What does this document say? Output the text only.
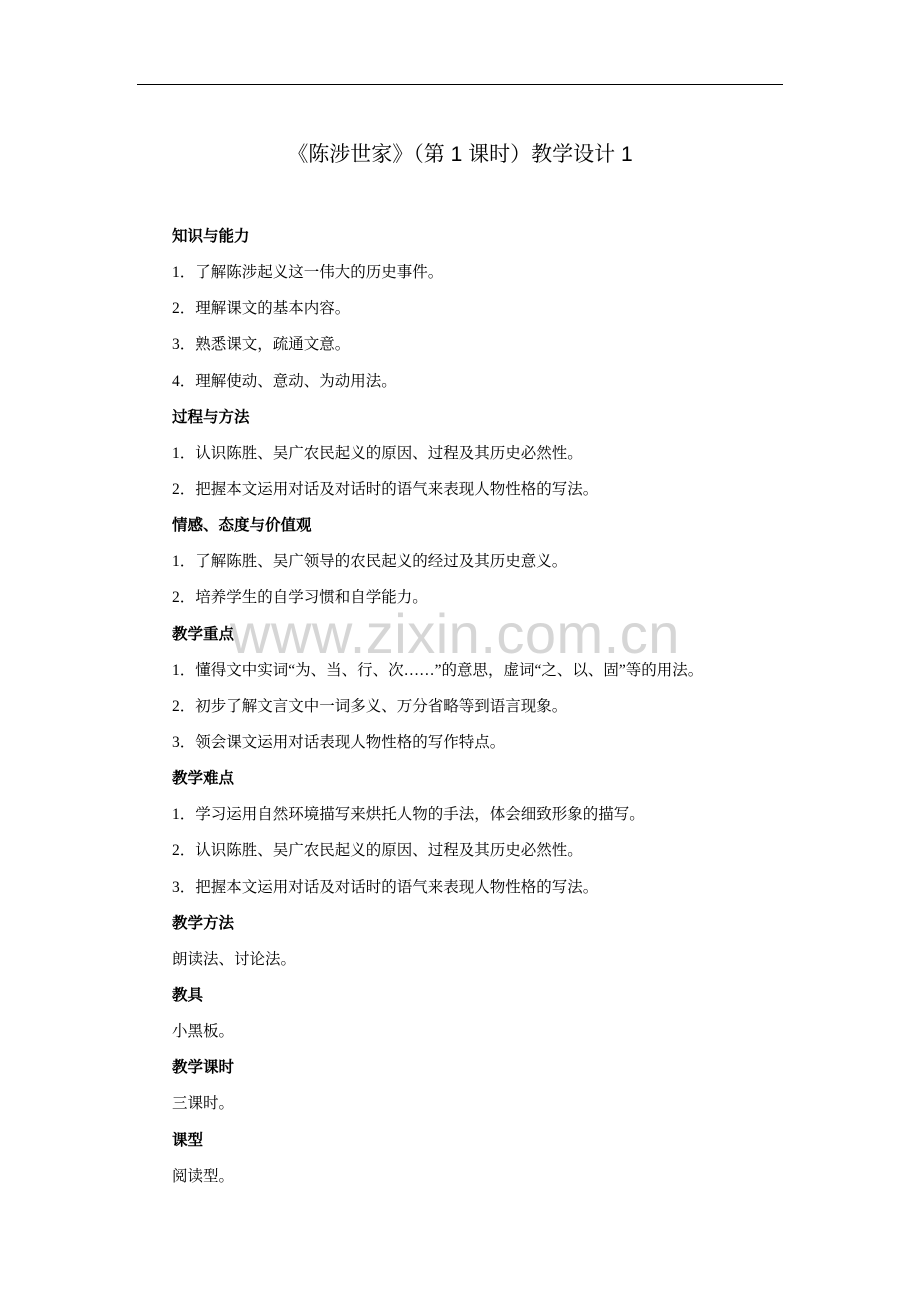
《陈涉世家》（第 1 课时）教学设计 1
www.zixin.com.cn
知识与能力
1．了解陈涉起义这一伟大的历史事件。
2．理解课文的基本内容。
3．熟悉课文，疏通文意。
4．理解使动、意动、为动用法。
过程与方法
1．认识陈胜、吴广农民起义的原因、过程及其历史必然性。
2．把握本文运用对话及对话时的语气来表现人物性格的写法。
情感、态度与价值观
1．了解陈胜、吴广领导的农民起义的经过及其历史意义。
2．培养学生的自学习惯和自学能力。
教学重点
1．懂得文中实词“为、当、行、次……”的意思，虚词“之、以、固”等的用法。
2．初步了解文言文中一词多义、万分省略等到语言现象。
3．领会课文运用对话表现人物性格的写作特点。
教学难点
1．学习运用自然环境描写来烘托人物的手法，体会细致形象的描写。
2．认识陈胜、吴广农民起义的原因、过程及其历史必然性。
3．把握本文运用对话及对话时的语气来表现人物性格的写法。
教学方法
朗读法、讨论法。
教具
小黑板。
教学课时
三课时。
课型
阅读型。
